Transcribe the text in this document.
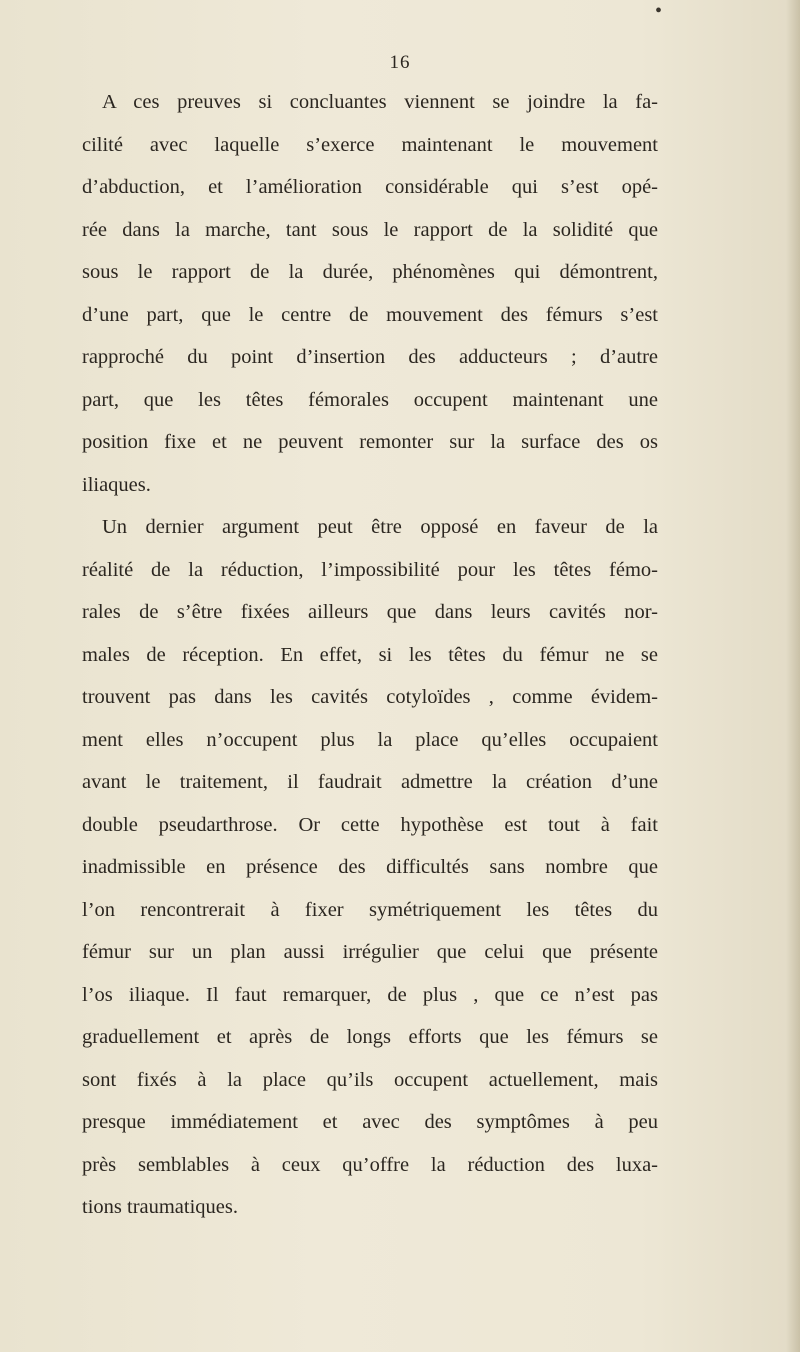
•
16

A ces preuves si concluantes viennent se joindre la fa-
cilité avec laquelle s’exerce maintenant le mouvement
d’abduction, et l’amélioration considérable qui s’est opé-
rée dans la marche, tant sous le rapport de la solidité que
sous le rapport de la durée, phénomènes qui démontrent,
d’une part, que le centre de mouvement des fémurs s’est
rapproché du point d’insertion des adducteurs ; d’autre
part, que les têtes fémorales occupent maintenant une
position fixe et ne peuvent remonter sur la surface des os
iliaques.

Un dernier argument peut être opposé en faveur de la
réalité de la réduction, l’impossibilité pour les têtes fémo-
rales de s’être fixées ailleurs que dans leurs cavités nor-
males de réception. En effet, si les têtes du fémur ne se
trouvent pas dans les cavités cotyloïdes , comme évidem-
ment elles n’occupent plus la place qu’elles occupaient
avant le traitement, il faudrait admettre la création d’une
double pseudarthrose. Or cette hypothèse est tout à fait
inadmissible en présence des difficultés sans nombre que
l’on rencontrerait à fixer symétriquement les têtes du
fémur sur un plan aussi irrégulier que celui que présente
l’os iliaque. Il faut remarquer, de plus , que ce n’est pas
graduellement et après de longs efforts que les fémurs se
sont fixés à la place qu’ils occupent actuellement, mais
presque immédiatement et avec des symptômes à peu
près semblables à ceux qu’offre la réduction des luxa-
tions traumatiques.
